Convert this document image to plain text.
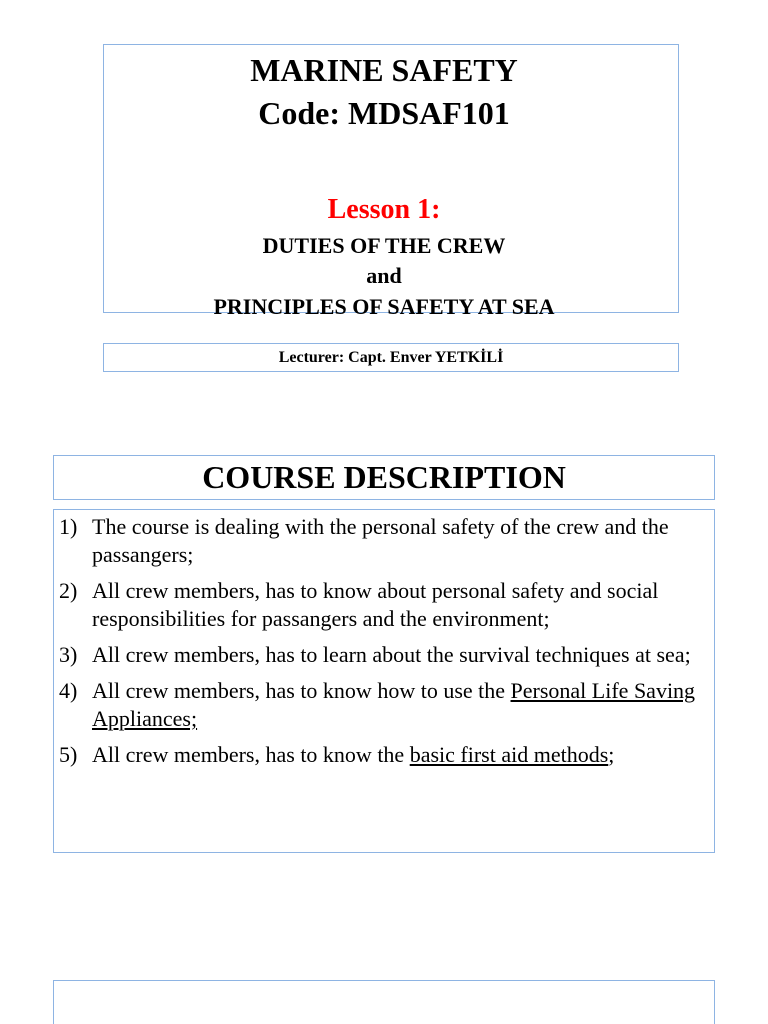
MARINE SAFETY
Code: MDSAF101
Lesson 1:
DUTIES OF THE CREW
and
PRINCIPLES OF SAFETY AT SEA
Lecturer: Capt. Enver YETKİLİ
COURSE DESCRIPTION
1) The course is dealing with the personal safety of the crew and the passangers;
2) All crew members, has to know about personal safety and social responsibilities for passangers and the environment;
3) All crew members, has to learn about the survival techniques at sea;
4) All crew members, has to know how to use the Personal Life Saving Appliances;
5) All crew members, has to know the basic first aid methods;
